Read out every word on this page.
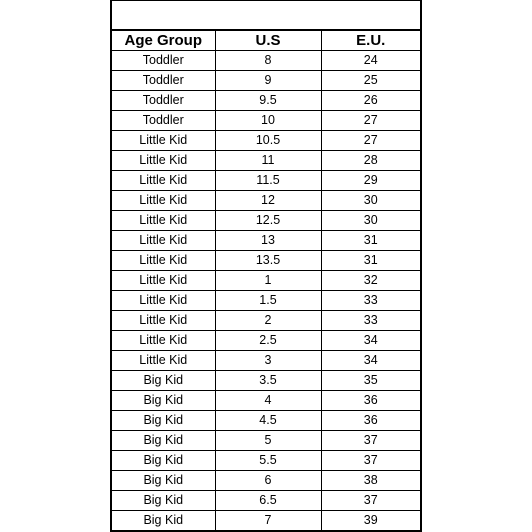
Age Group	U.S	E.U.
Toddler	8	24
Toddler	9	25
Toddler	9.5	26
Toddler	10	27
Little Kid	10.5	27
Little Kid	11	28
Little Kid	11.5	29
Little Kid	12	30
Little Kid	12.5	30
Little Kid	13	31
Little Kid	13.5	31
Little Kid	1	32
Little Kid	1.5	33
Little Kid	2	33
Little Kid	2.5	34
Little Kid	3	34
Big Kid	3.5	35
Big Kid	4	36
Big Kid	4.5	36
Big Kid	5	37
Big Kid	5.5	37
Big Kid	6	38
Big Kid	6.5	37
Big Kid	7	39
